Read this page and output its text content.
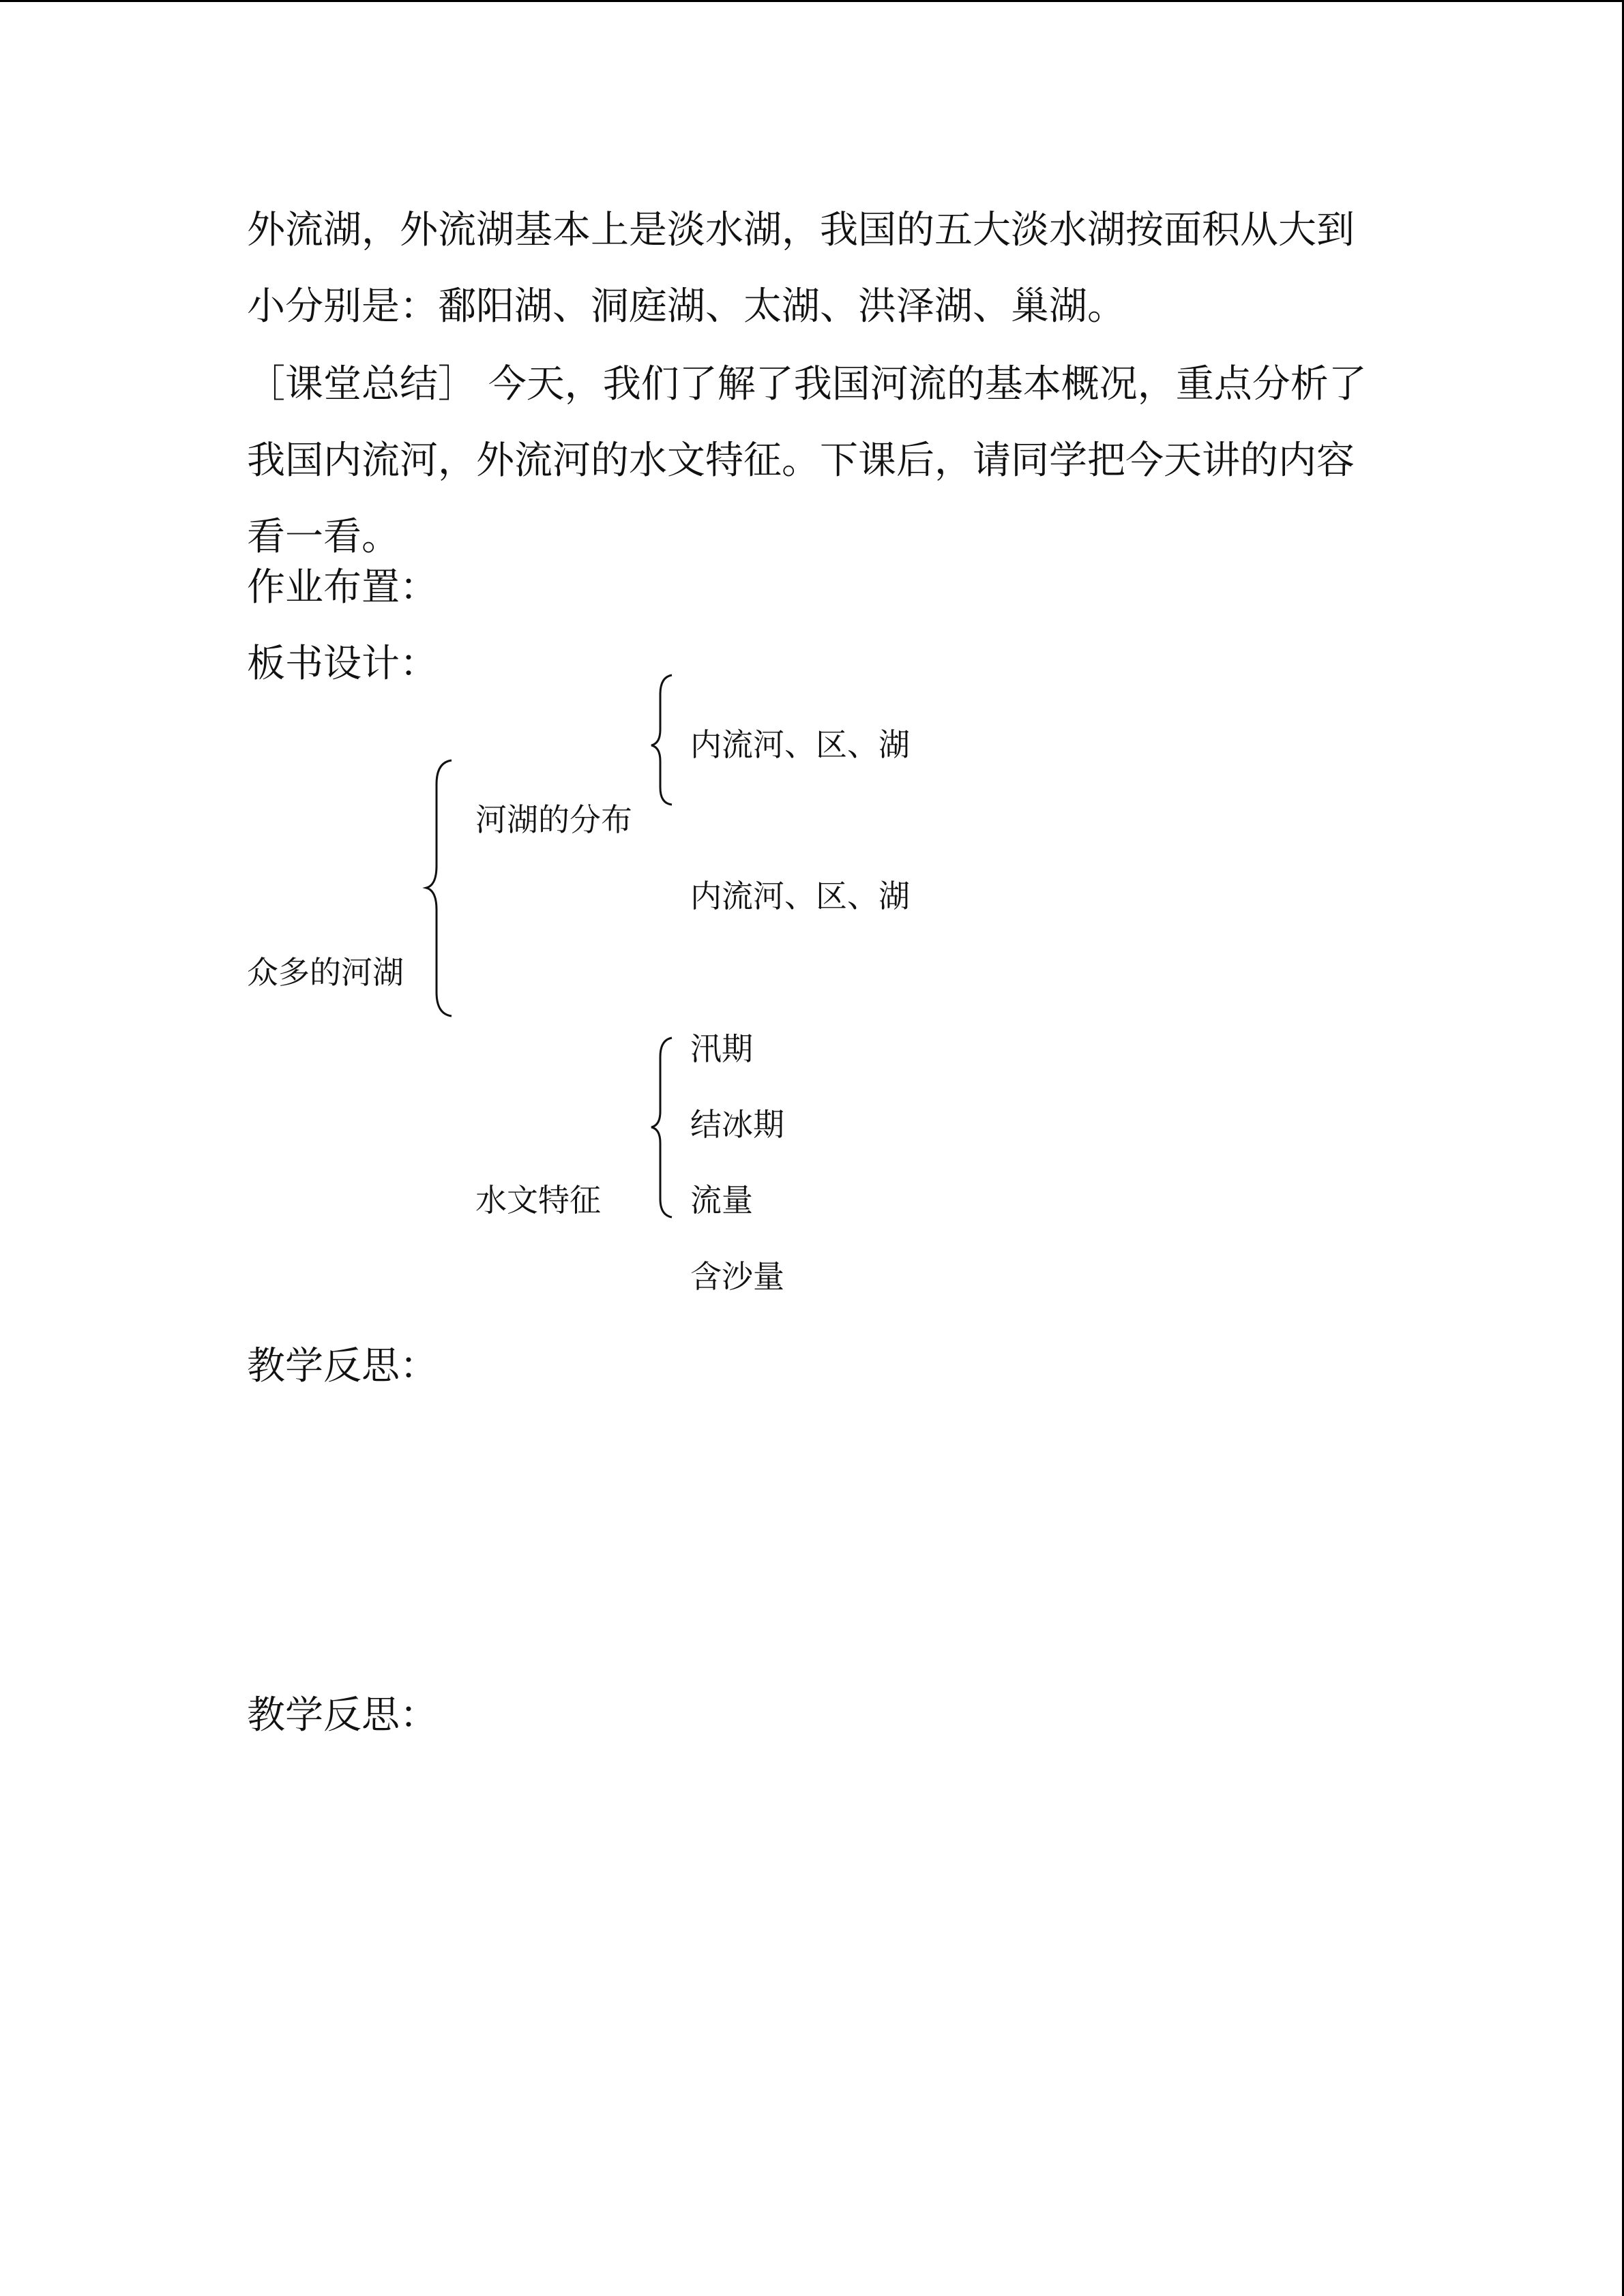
外流湖，外流湖基本上是淡水湖，我国的五大淡水湖按面积从大到小分别是：鄱阳湖、洞庭湖、太湖、洪泽湖、巢湖。

［课堂总结］ 今天，我们了解了我国河流的基本概况，重点分析了我国内流河，外流河的水文特征。下课后，请同学把今天讲的内容看一看。

作业布置：

板书设计：

众多的河湖
河湖的分布
内流河、区、湖
内流河、区、湖
水文特征
汛期
结冰期
流量
含沙量

教学反思：

教学反思：
